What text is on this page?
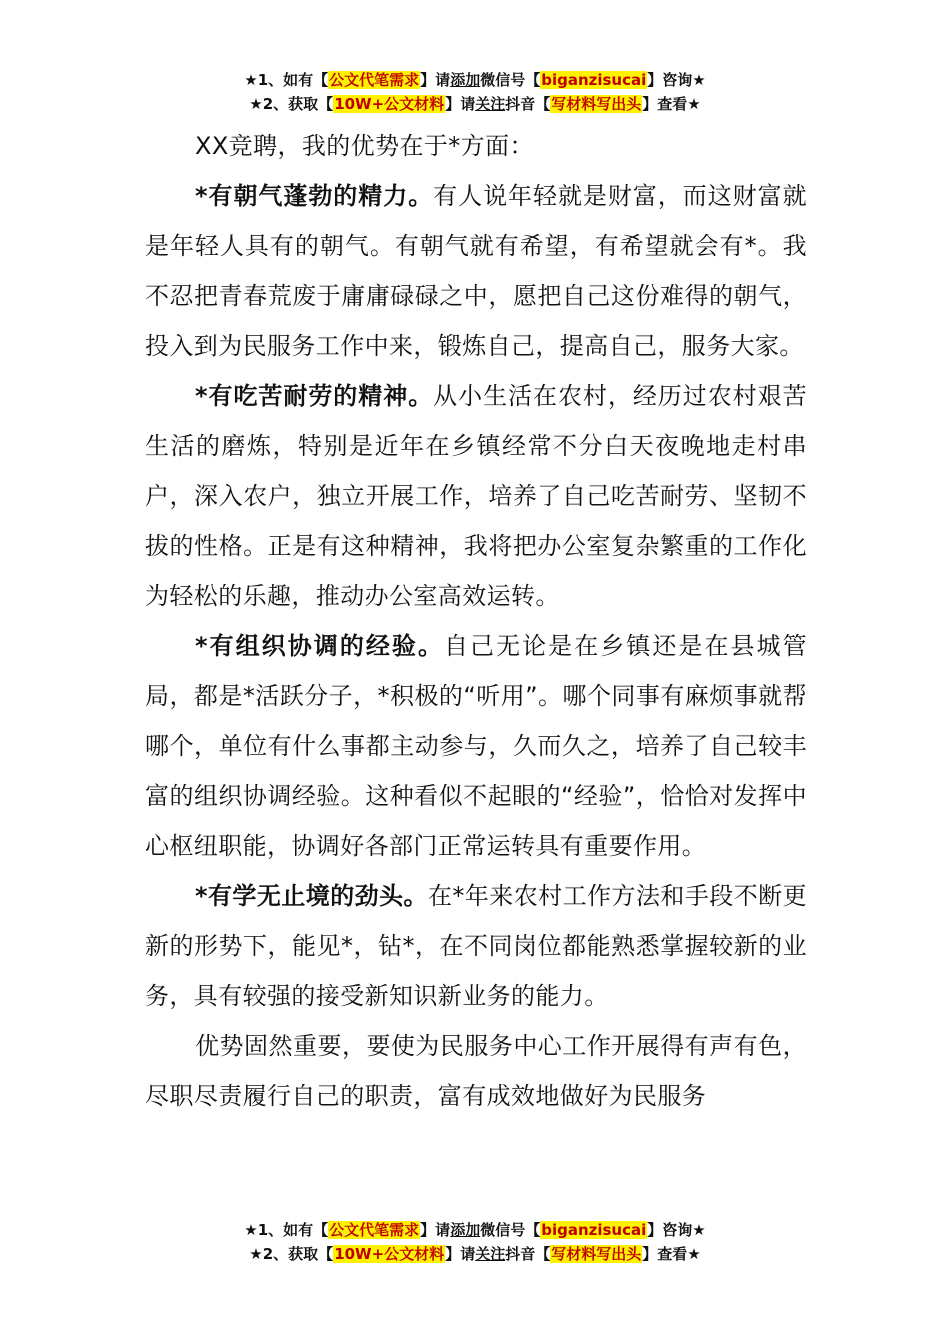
★1、如有【公文代笔需求】请添加微信号【biganzisucai】咨询★
★2、获取【10W+公文材料】请关注抖音【写材料写出头】查看★

XX竞聘，我的优势在于*方面：

*有朝气蓬勃的精力。有人说年轻就是财富，而这财富就是年轻人具有的朝气。有朝气就有希望，有希望就会有*。我不忍把青春荒废于庸庸碌碌之中，愿把自己这份难得的朝气，投入到为民服务工作中来，锻炼自己，提高自己，服务大家。

*有吃苦耐劳的精神。从小生活在农村，经历过农村艰苦生活的磨炼，特别是近年在乡镇经常不分白天夜晚地走村串户，深入农户，独立开展工作，培养了自己吃苦耐劳、坚韧不拔的性格。正是有这种精神，我将把办公室复杂繁重的工作化为轻松的乐趣，推动办公室高效运转。

*有组织协调的经验。自己无论是在乡镇还是在县城管局，都是*活跃分子，*积极的“听用”。哪个同事有麻烦事就帮哪个，单位有什么事都主动参与，久而久之，培养了自己较丰富的组织协调经验。这种看似不起眼的“经验”，恰恰对发挥中心枢纽职能，协调好各部门正常运转具有重要作用。

*有学无止境的劲头。在*年来农村工作方法和手段不断更新的形势下，能见*，钻*，在不同岗位都能熟悉掌握较新的业务，具有较强的接受新知识新业务的能力。

优势固然重要，要使为民服务中心工作开展得有声有色，尽职尽责履行自己的职责，富有成效地做好为民服务

★1、如有【公文代笔需求】请添加微信号【biganzisucai】咨询★
★2、获取【10W+公文材料】请关注抖音【写材料写出头】查看★
